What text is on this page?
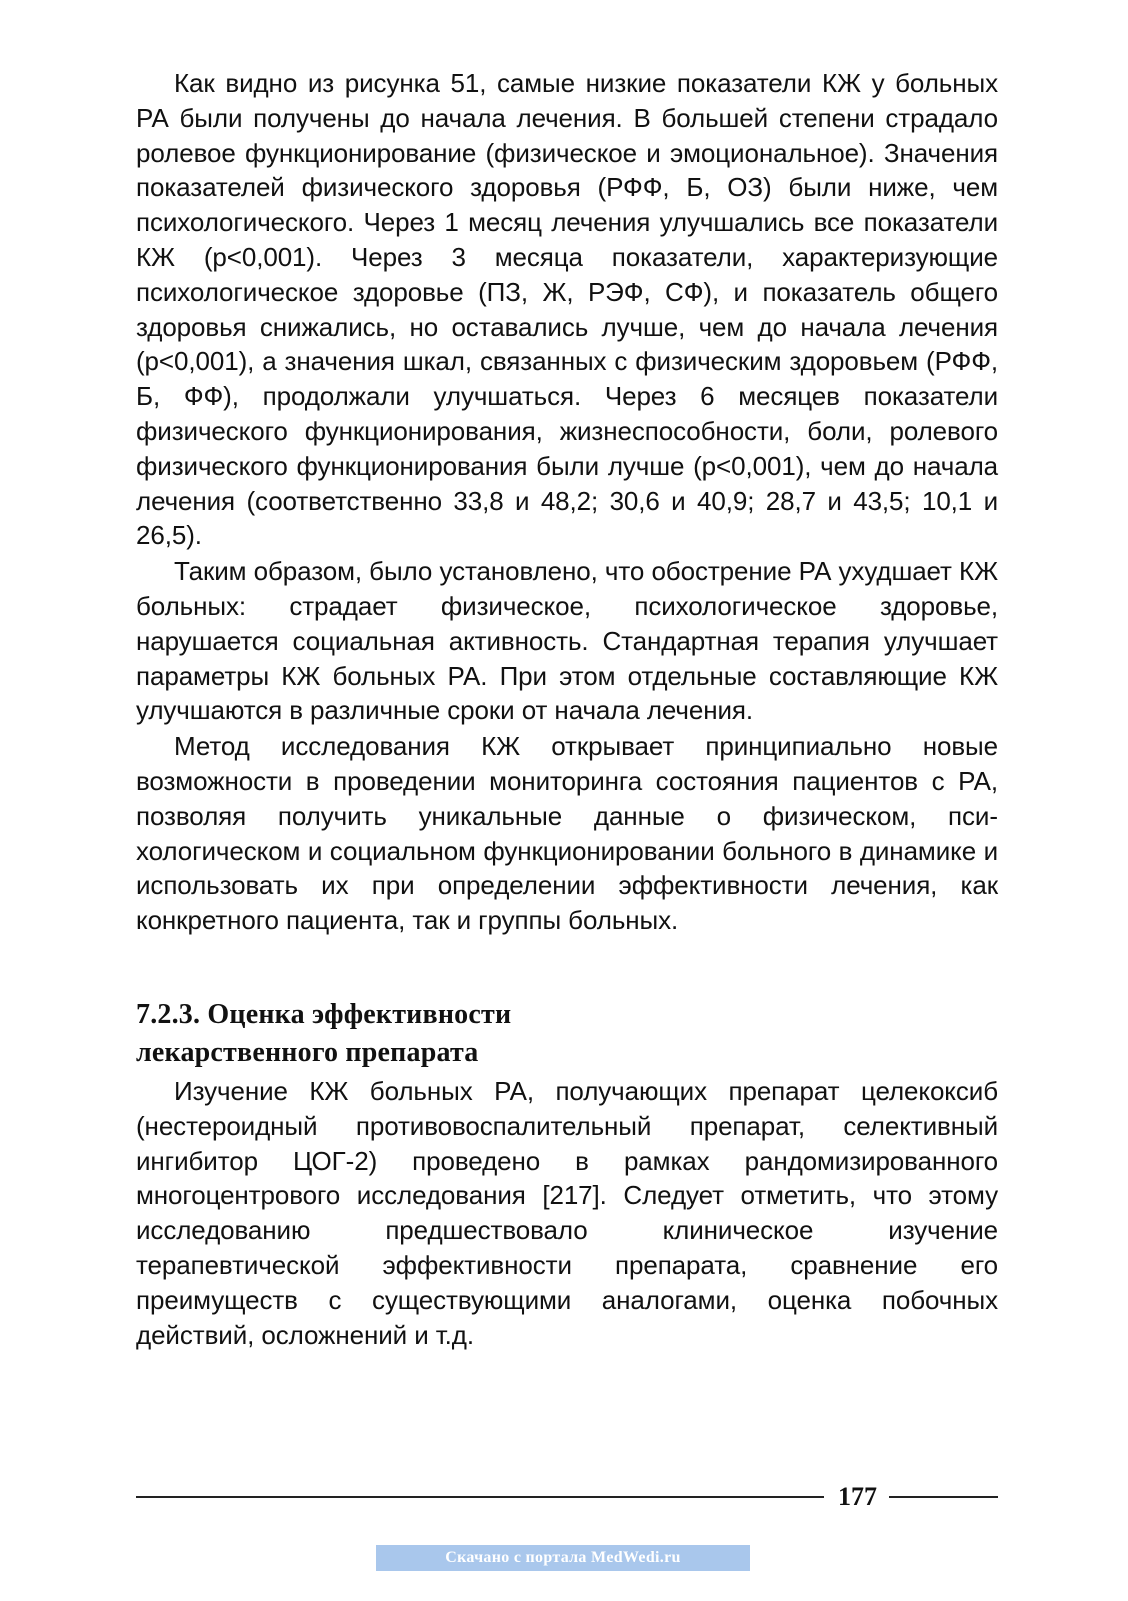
Как видно из рисунка 51, самые низкие показатели КЖ у больных РА были получены до начала лечения. В большей степени страдало ролевое функционирование (физическое и эмоциональное). Значения показателей физического здоровья (РФФ, Б, ОЗ) были ниже, чем психологического. Через 1 месяц лечения улучшались все показатели КЖ (p<0,001). Через 3 месяца показатели, характеризующие психологическое здоровье (ПЗ, Ж, РЭФ, СФ), и показатель общего здоровья снижались, но оставались лучше, чем до начала лечения (p<0,001), а значения шкал, связанных с физическим здоровьем (РФФ, Б, ФФ), продолжали улучшаться. Через 6 месяцев показатели физического функционирования, жизнеспособности, боли, ролевого физического функционирования были лучше (p<0,001), чем до начала лечения (соответственно 33,8 и 48,2; 30,6 и 40,9; 28,7 и 43,5; 10,1 и 26,5).

Таким образом, было установлено, что обострение РА ухудшает КЖ больных: страдает физическое, психологическое здоровье, нарушается социальная активность. Стандартная терапия улучшает параметры КЖ больных РА. При этом отдельные составляющие КЖ улучшаются в различные сроки от начала лечения.

Метод исследования КЖ открывает принципиально новые возможности в проведении мониторинга состояния пациентов с РА, позволяя получить уникальные данные о физическом, психологическом и социальном функционировании больного в динамике и использовать их при определении эффективности лечения, как конкретного пациента, так и группы больных.

7.2.3. Оценка эффективности
лекарственного препарата

Изучение КЖ больных РА, получающих препарат целекоксиб (нестероидный противовоспалительный препарат, селективный ингибитор ЦОГ-2) проведено в рамках рандомизированного многоцентрового исследования [217]. Следует отметить, что этому исследованию предшествовало клиническое изучение терапевтической эффективности препарата, сравнение его преимуществ с существующими аналогами, оценка побочных действий, осложнений и т.д.

177
Скачано с портала MedWedi.ru
